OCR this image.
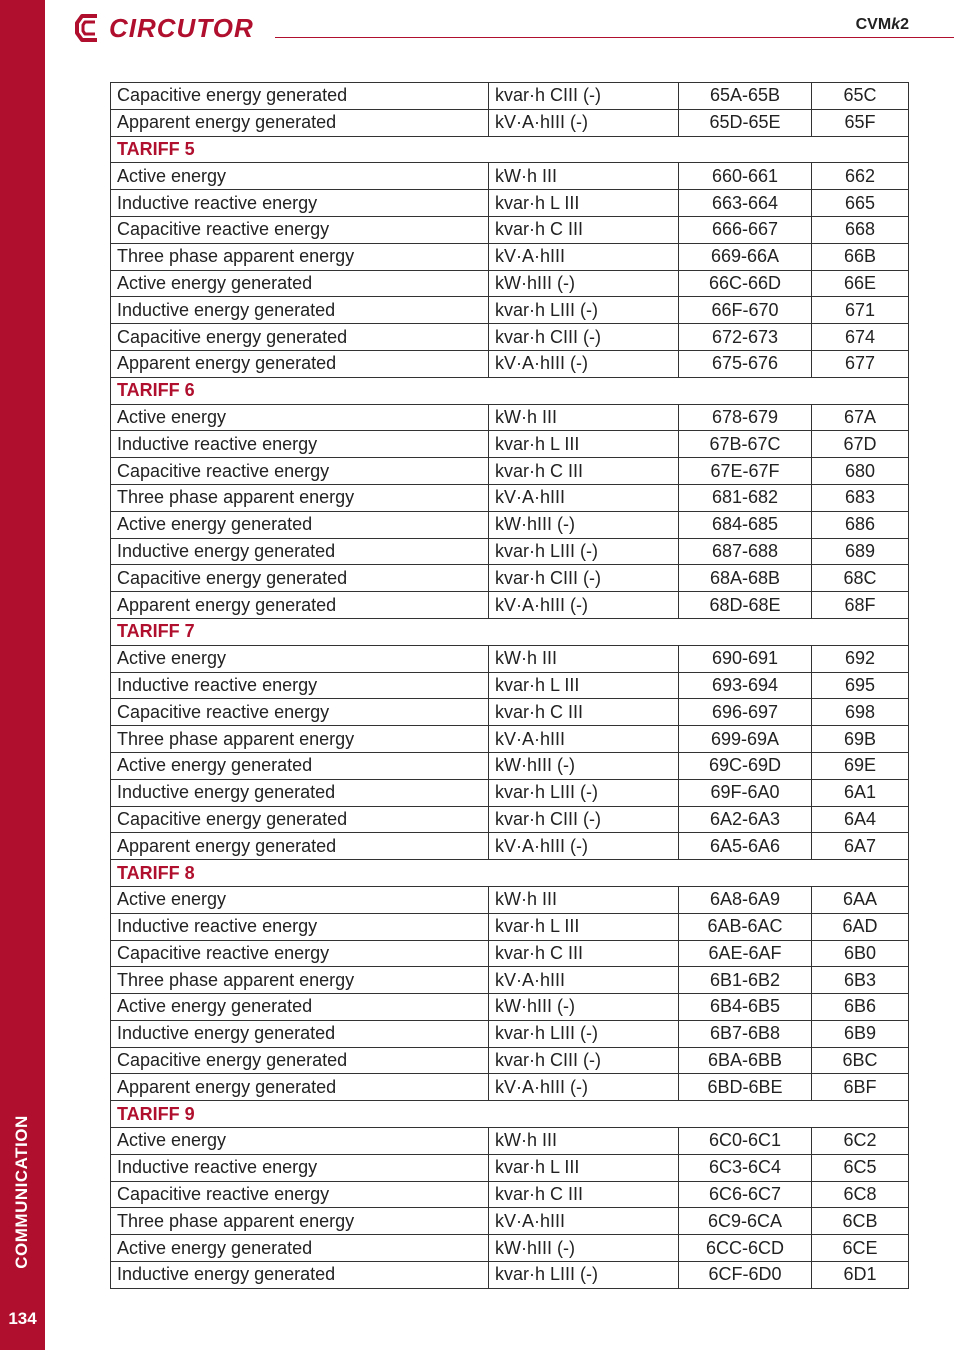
COMMUNICATION
134
CIRCUTOR	CVMk2
Capacitive energy generated	kvar·h CIII (-)	65A-65B	65C
Apparent energy generated	kV·A·hIII (-)	65D-65E	65F
TARIFF 5			
Active energy	kW·h III	660-661	662
Inductive reactive energy	kvar·h L III	663-664	665
Capacitive reactive energy	kvar·h C III	666-667	668
Three phase apparent energy	kV·A·hIII	669-66A	66B
Active energy generated	kW·hIII (-)	66C-66D	66E
Inductive energy generated	kvar·h LIII (-)	66F-670	671
Capacitive energy generated	kvar·h CIII (-)	672-673	674
Apparent energy generated	kV·A·hIII (-)	675-676	677
TARIFF 6			
Active energy	kW·h III	678-679	67A
Inductive reactive energy	kvar·h L III	67B-67C	67D
Capacitive reactive energy	kvar·h C III	67E-67F	680
Three phase apparent energy	kV·A·hIII	681-682	683
Active energy generated	kW·hIII (-)	684-685	686
Inductive energy generated	kvar·h LIII (-)	687-688	689
Capacitive energy generated	kvar·h CIII (-)	68A-68B	68C
Apparent energy generated	kV·A·hIII (-)	68D-68E	68F
TARIFF 7			
Active energy	kW·h III	690-691	692
Inductive reactive energy	kvar·h L III	693-694	695
Capacitive reactive energy	kvar·h C III	696-697	698
Three phase apparent energy	kV·A·hIII	699-69A	69B
Active energy generated	kW·hIII (-)	69C-69D	69E
Inductive energy generated	kvar·h LIII (-)	69F-6A0	6A1
Capacitive energy generated	kvar·h CIII (-)	6A2-6A3	6A4
Apparent energy generated	kV·A·hIII (-)	6A5-6A6	6A7
TARIFF 8			
Active energy	kW·h III	6A8-6A9	6AA
Inductive reactive energy	kvar·h L III	6AB-6AC	6AD
Capacitive reactive energy	kvar·h C III	6AE-6AF	6B0
Three phase apparent energy	kV·A·hIII	6B1-6B2	6B3
Active energy generated	kW·hIII (-)	6B4-6B5	6B6
Inductive energy generated	kvar·h LIII (-)	6B7-6B8	6B9
Capacitive energy generated	kvar·h CIII (-)	6BA-6BB	6BC
Apparent energy generated	kV·A·hIII (-)	6BD-6BE	6BF
TARIFF 9			
Active energy	kW·h III	6C0-6C1	6C2
Inductive reactive energy	kvar·h L III	6C3-6C4	6C5
Capacitive reactive energy	kvar·h C III	6C6-6C7	6C8
Three phase apparent energy	kV·A·hIII	6C9-6CA	6CB
Active energy generated	kW·hIII (-)	6CC-6CD	6CE
Inductive energy generated	kvar·h LIII (-)	6CF-6D0	6D1
